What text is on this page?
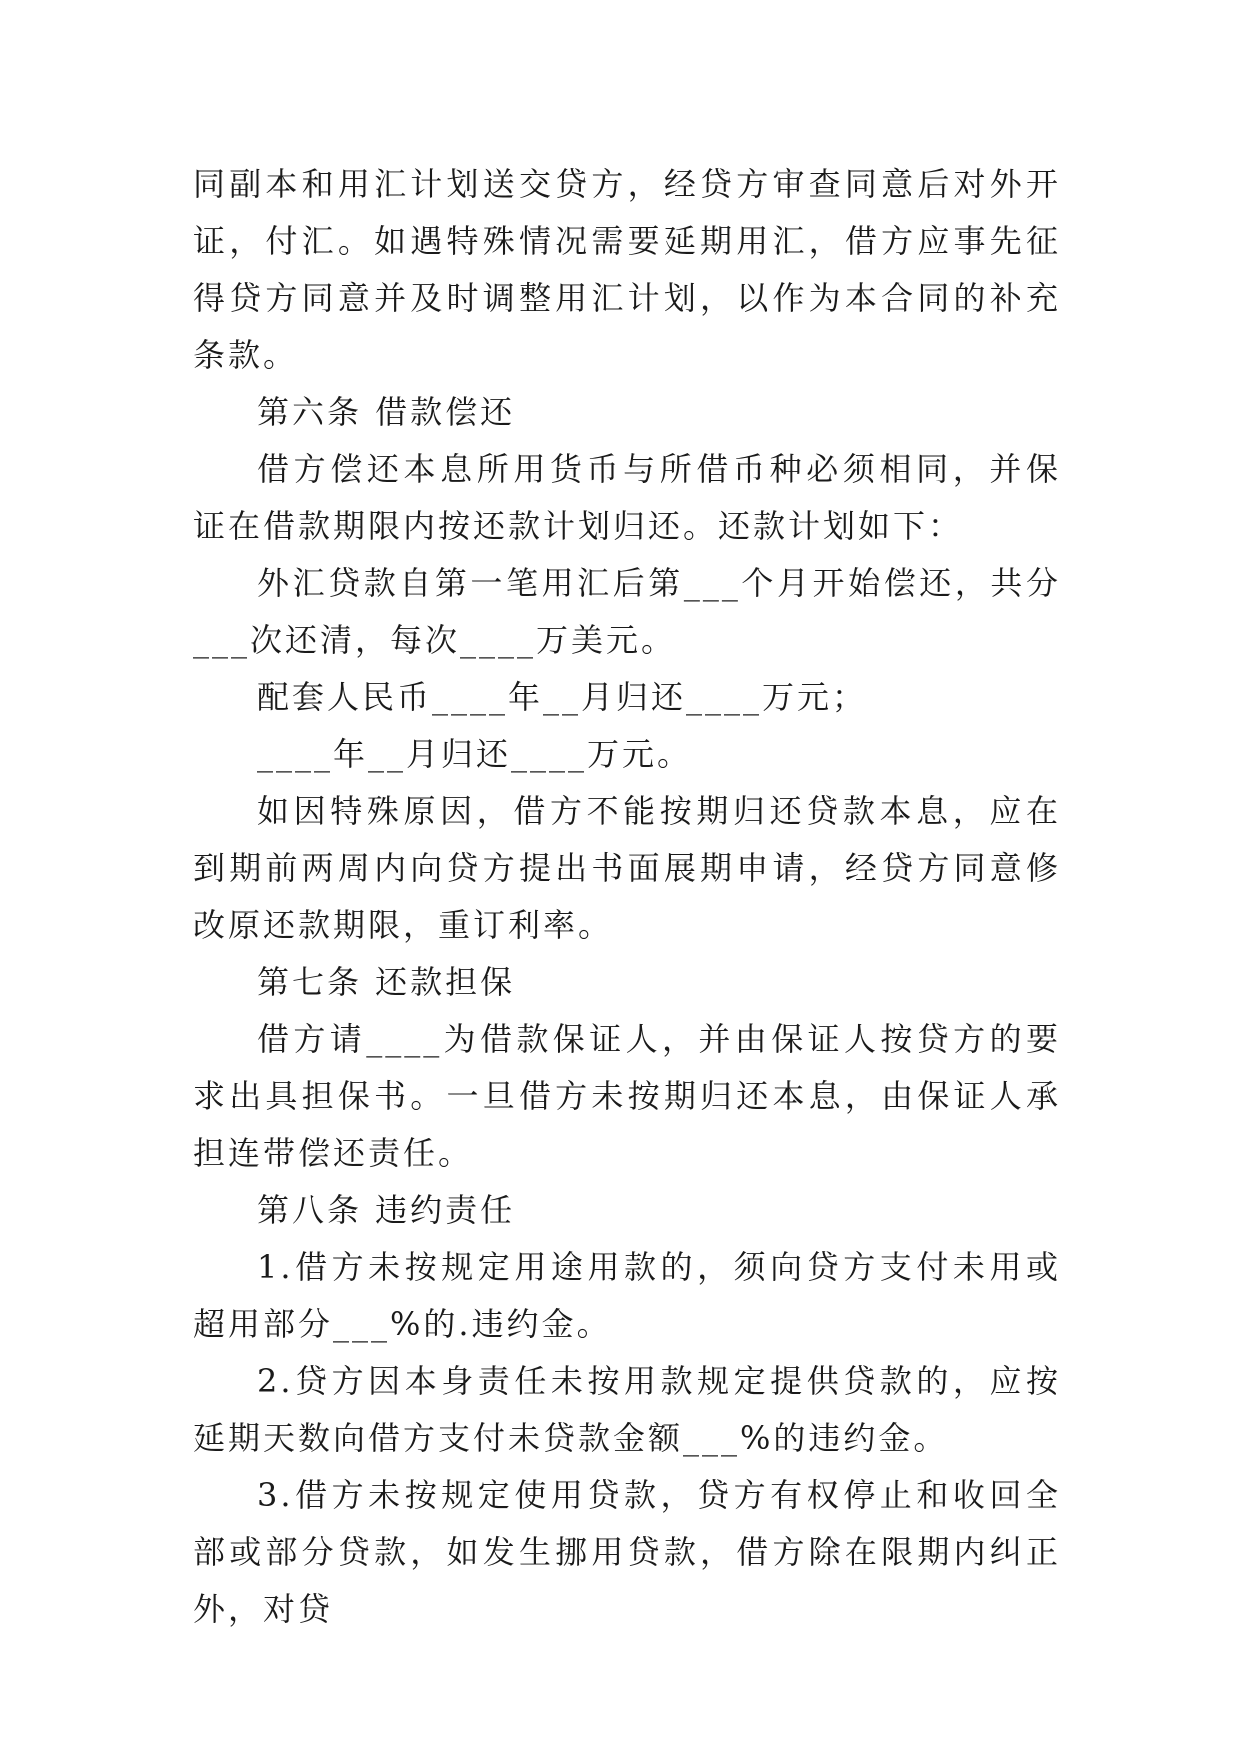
同副本和用汇计划送交贷方，经贷方审查同意后对外开证，付汇。如遇特殊情况需要延期用汇，借方应事先征得贷方同意并及时调整用汇计划，以作为本合同的补充条款。

第六条 借款偿还

借方偿还本息所用货币与所借币种必须相同，并保证在借款期限内按还款计划归还。还款计划如下：

外汇贷款自第一笔用汇后第___个月开始偿还，共分___次还清，每次____万美元。

配套人民币____年__月归还____万元；

____年__月归还____万元。

如因特殊原因，借方不能按期归还贷款本息，应在到期前两周内向贷方提出书面展期申请，经贷方同意修改原还款期限，重订利率。

第七条 还款担保

借方请____为借款保证人，并由保证人按贷方的要求出具担保书。一旦借方未按期归还本息，由保证人承担连带偿还责任。

第八条 违约责任

1.借方未按规定用途用款的，须向贷方支付未用或超用部分___%的.违约金。

2.贷方因本身责任未按用款规定提供贷款的，应按延期天数向借方支付未贷款金额___%的违约金。

3.借方未按规定使用贷款，贷方有权停止和收回全部或部分贷款，如发生挪用贷款，借方除在限期内纠正外，对贷
